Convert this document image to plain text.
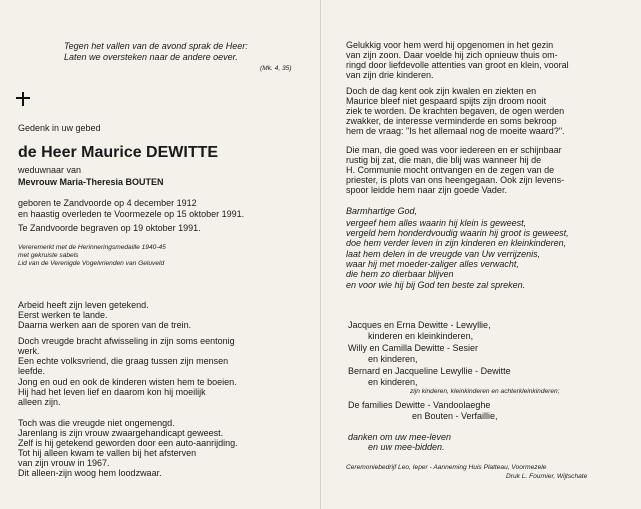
Tegen het vallen van de avond sprak de Heer:
Laten we oversteken naar de andere oever.
(Mk. 4, 35)
Gedenk in uw gebed
de Heer Maurice DEWITTE
weduwnaar van
Mevrouw Maria-Theresia BOUTEN
geboren te Zandvoorde op 4 december 1912
en haastig overleden te Voormezele op 15 oktober 1991.
Te Zandvoorde begraven op 19 oktober 1991.
Vereremerkt met de Herinneringsmedaille 1940-45
met gekruiste sabels
Lid van de Verenigde Vogelvrienden van Geluveld
Arbeid heeft zijn leven getekend.
Eerst werken te lande.
Daarna werken aan de sporen van de trein.
Doch vreugde bracht afwisseling in zijn soms eentonig
werk.
Een echte volksvriend, die graag tussen zijn mensen
leefde.
Jong en oud en ook de kinderen wisten hem te boeien.
Hij had het leven lief en daarom kon hij moeilijk
alleen zijn.
Toch was die vreugde niet ongemengd.
Jarenlang is zijn vrouw zwaargehandicapt geweest.
Zelf is hij getekend geworden door een auto-aanrijding.
Tot hij alleen kwam te vallen bij het afsterven
van zijn vrouw in 1967.
Dit alleen-zijn woog hem loodzwaar.
Gelukkig voor hem werd hij opgenomen in het gezin
van zijn zoon. Daar voelde hij zich opnieuw thuis om-
ringd door liefdevolle attenties van groot en klein, vooral
van zijn drie kinderen.
Doch de dag kent ook zijn kwalen en ziekten en
Maurice bleef niet gespaard spijts zijn droom nooit
ziek te worden. De krachten begaven, de ogen werden
zwakker, de interesse verminderde en soms bekroop
hem de vraag: "Is het allemaal nog de moeite waard?".
Die man, die goed was voor iedereen en er schijnbaar
rustig bij zat, die man, die blij was wanneer hij de
H. Communie mocht ontvangen en de zegen van de
priester, is plots van ons heengegaan. Ook zijn levens-
spoor leidde hem naar zijn goede Vader.
Barmhartige God,
vergeef hem alles waarin hij klein is geweest,
vergeld hem honderdvoudig waarin hij groot is geweest,
doe hem verder leven in zijn kinderen en kleinkinderen,
laat hem delen in de vreugde van Uw verrijzenis,
waar hij met moeder-zaliger alles verwacht,
die hem zo dierbaar blijven
en voor wie hij bij God ten beste zal spreken.
Jacques en Erna Dewitte - Lewyllie,
kinderen en kleinkinderen,
Willy en Camilla Dewitte - Sesier
en kinderen,
Bernard en Jacqueline Lewyllie - Dewitte
en kinderen,
zijn kinderen, kleinkinderen en achterkleinkinderen;
De families Dewitte - Vandoolaeghe
en Bouten - Verfaillie,
danken om uw mee-leven
en uw mee-bidden.
Ceremoniebedrijf Leo, Ieper - Aanneming Huis Platteau, Voormezele
Druk L. Fournier, Wijtschate
